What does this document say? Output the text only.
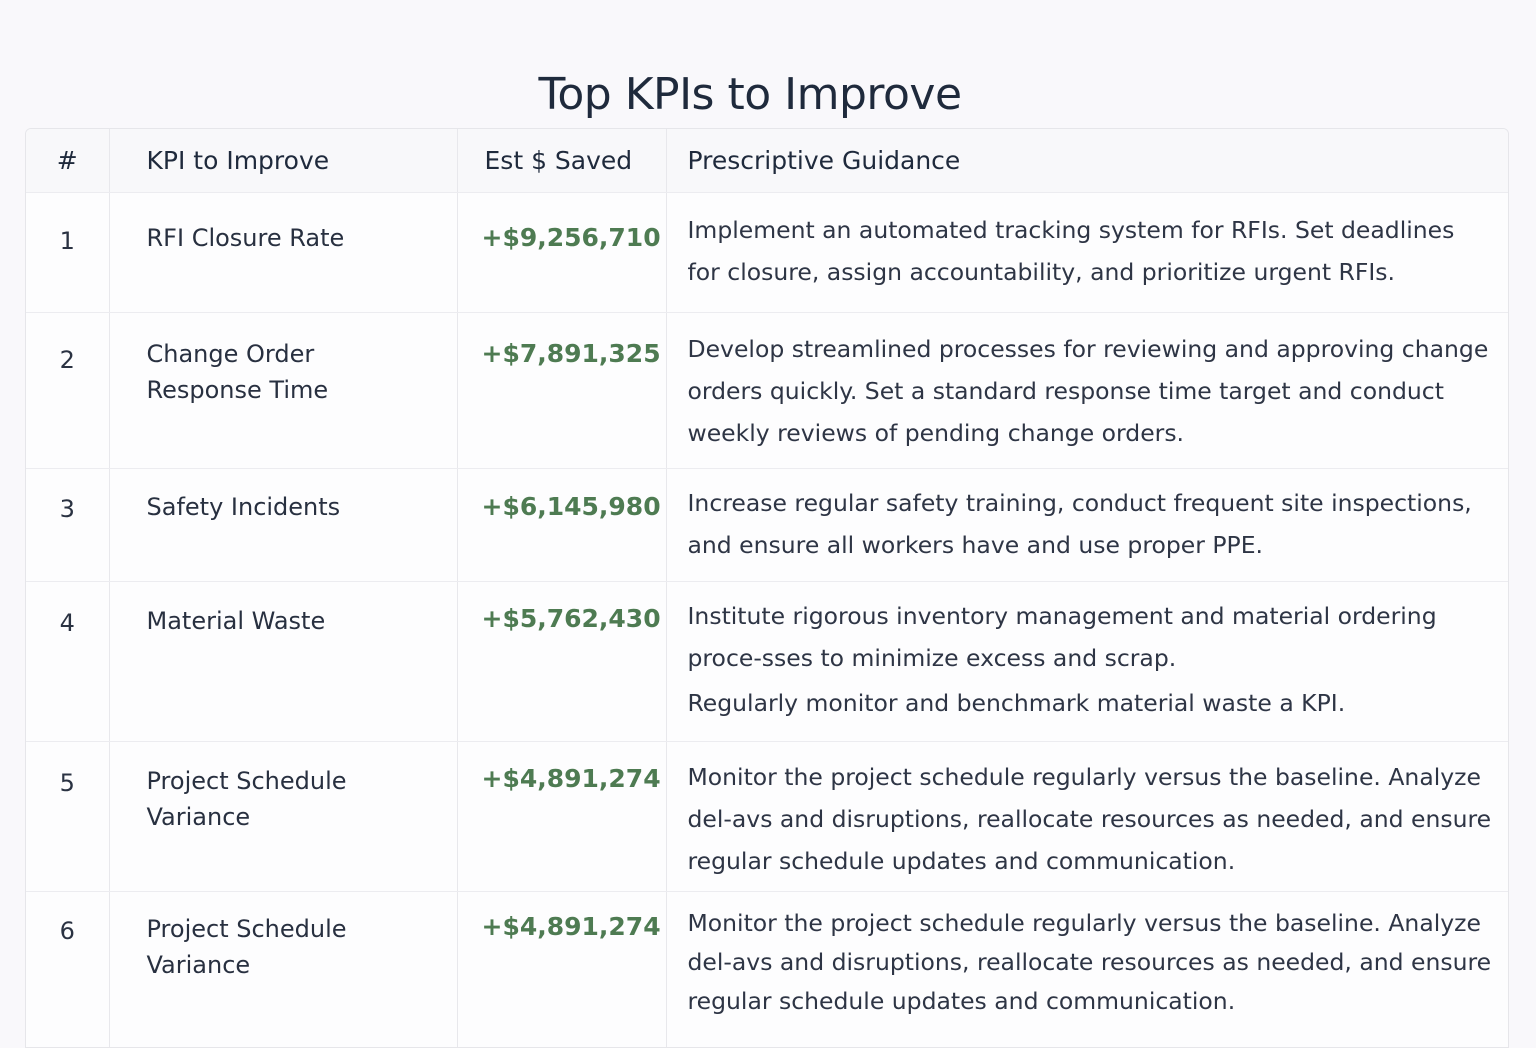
Top KPIs to Improve
#	KPI to Improve	Est $ Saved	Prescriptive Guidance
1	RFI Closure Rate	+$9,256,710	Implement an automated tracking system for RFIs. Set deadlines for closure, assign accountability, and prioritize urgent RFIs.

2	Change Order Response Time	+$7,891,325	Develop streamlined processes for reviewing and approving change orders quickly. Set a standard response time target and conduct weekly reviews of pending change orders.

3	Safety Incidents	+$6,145,980	Increase regular safety training, conduct frequent site inspections, and ensure all workers have and use proper PPE.

4	Material Waste	+$5,762,430	Institute rigorous inventory management and material ordering proce-sses to minimize excess and scrap.
Regularly monitor and benchmark material waste a KPI.

5	Project Schedule Variance	+$4,891,274	Monitor the project schedule regularly versus the baseline. Analyze del-avs and disruptions, reallocate resources as needed, and ensure regular schedule updates and communication.

6	Project Schedule Variance	+$4,891,274	Monitor the project schedule regularly versus the baseline. Analyze del-avs and disruptions, reallocate resources as needed, and ensure regular schedule updates and communication.
